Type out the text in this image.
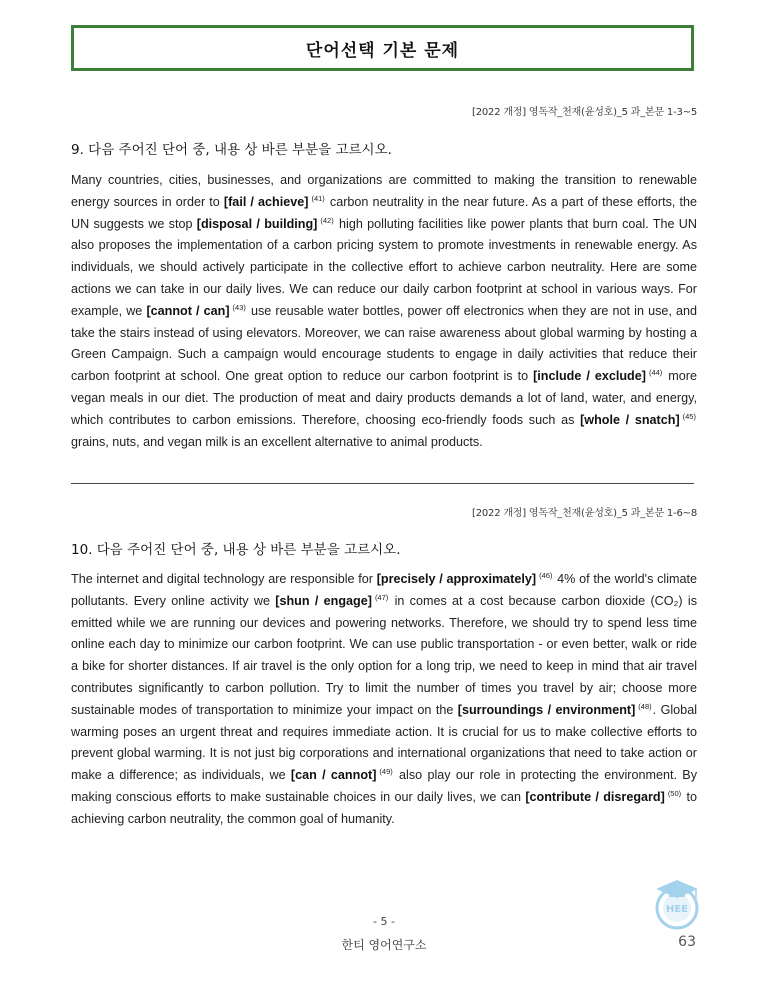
단어선택 기본 문제
[2022 개정] 영독작_천재(윤성호)_5 과_본문 1-3~5
9. 다음 주어진 단어 중, 내용 상 바른 부분을 고르시오.

Many countries, cities, businesses, and organizations are committed to making the transition to renewable energy sources in order to [fail / achieve] $^{(41)}$ carbon neutrality in the near future. As a part of these efforts, the UN suggests we stop [disposal / building] $^{(42)}$ high polluting facilities like power plants that burn coal. The UN also proposes the implementation of a carbon pricing system to promote investments in renewable energy. As individuals, we should actively participate in the collective effort to achieve carbon neutrality. Here are some actions we can take in our daily lives. We can reduce our daily carbon footprint at school in various ways. For example, we [cannot / can] $^{(43)}$ use reusable water bottles, power off electronics when they are not in use, and take the stairs instead of using elevators. Moreover, we can raise awareness about global warming by hosting a Green Campaign. Such a campaign would encourage students to engage in daily activities that reduce their carbon footprint at school. One great option to reduce our carbon footprint is to [include / exclude] $^{(44)}$ more vegan meals in our diet. The production of meat and dairy products demands a lot of land, water, and energy, which contributes to carbon emissions. Therefore, choosing eco-friendly foods such as [whole / snatch] $^{(45)}$ grains, nuts, and vegan milk is an excellent alternative to animal products.

[2022 개정] 영독작_천재(윤성호)_5 과_본문 1-6~8
10. 다음 주어진 단어 중, 내용 상 바른 부분을 고르시오.

The internet and digital technology are responsible for [precisely / approximately] $^{(46)}$ 4% of the world's climate pollutants. Every online activity we [shun / engage] $^{(47)}$ in comes at a cost because carbon dioxide (CO₂) is emitted while we are running our devices and powering networks. Therefore, we should try to spend less time online each day to minimize our carbon footprint. We can use public transportation - or even better, walk or ride a bike for shorter distances. If air travel is the only option for a long trip, we need to keep in mind that air travel contributes significantly to carbon pollution. Try to limit the number of times you travel by air; choose more sustainable modes of transportation to minimize your impact on the [surroundings / environment] $^{(48)}$. Global warming poses an urgent threat and requires immediate action. It is crucial for us to make collective efforts to prevent global warming. It is not just big corporations and international organizations that need to take action or make a difference; as individuals, we [can / cannot] $^{(49)}$ also play our role in protecting the environment. By making conscious efforts to make sustainable choices in our daily lives, we can [contribute / disregard] $^{(50)}$ to achieving carbon neutrality, the common goal of humanity.

- 5 -
한티 영어연구소	63
HEE
